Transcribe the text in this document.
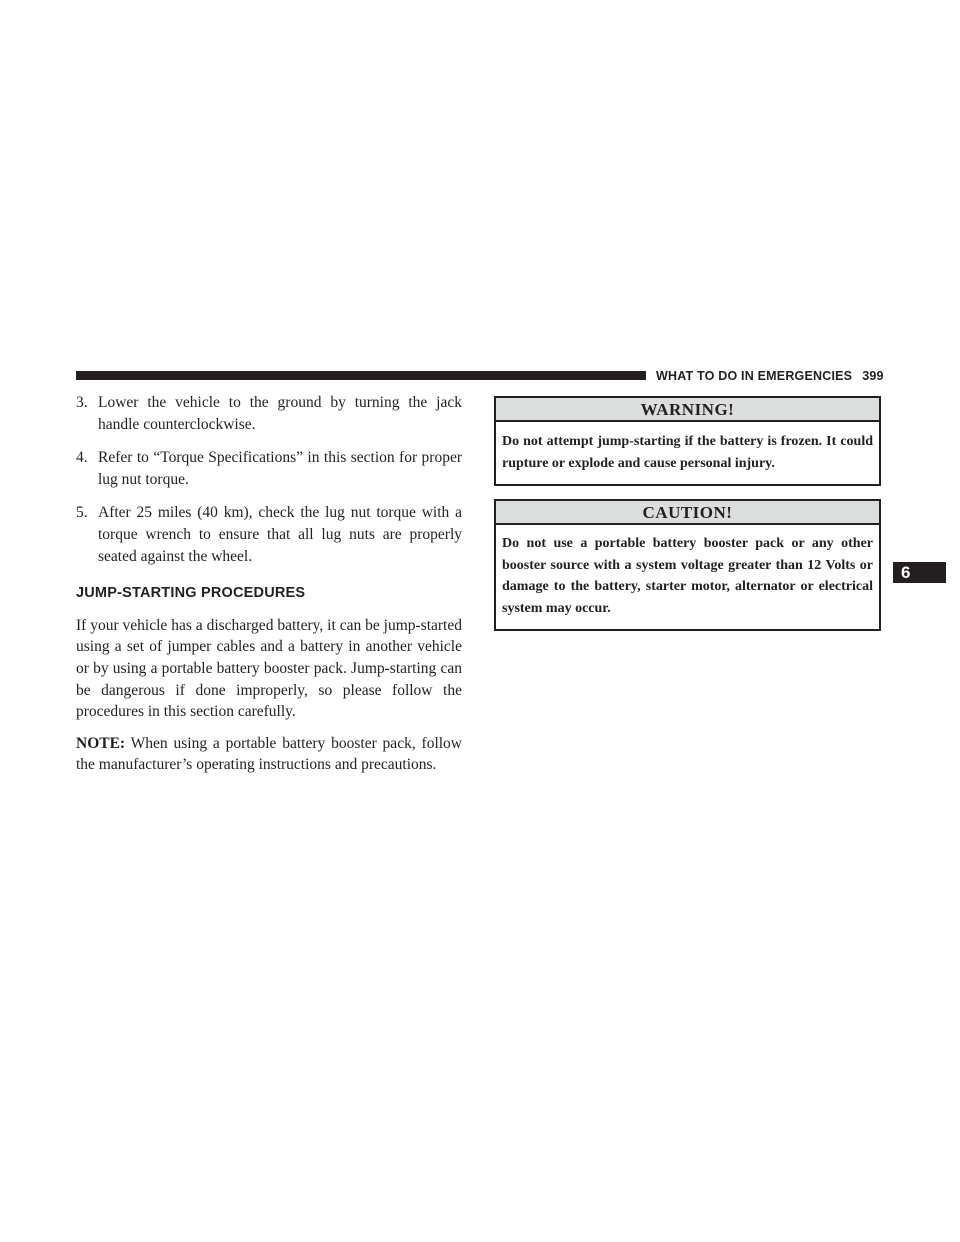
WHAT TO DO IN EMERGENCIES 399
6
3. Lower the vehicle to the ground by turning the jack handle counterclockwise.
4. Refer to “Torque Specifications” in this section for proper lug nut torque.
5. After 25 miles (40 km), check the lug nut torque with a torque wrench to ensure that all lug nuts are properly seated against the wheel.
JUMP-STARTING PROCEDURES

If your vehicle has a discharged battery, it can be jump-started using a set of jumper cables and a battery in another vehicle or by using a portable battery booster pack. Jump-starting can be dangerous if done improperly, so please follow the procedures in this section carefully.

NOTE: When using a portable battery booster pack, follow the manufacturer’s operating instructions and precautions.

WARNING!
Do not attempt jump-starting if the battery is frozen. It could rupture or explode and cause personal injury.
CAUTION!
Do not use a portable battery booster pack or any other booster source with a system voltage greater than 12 Volts or damage to the battery, starter motor, alternator or electrical system may occur.
